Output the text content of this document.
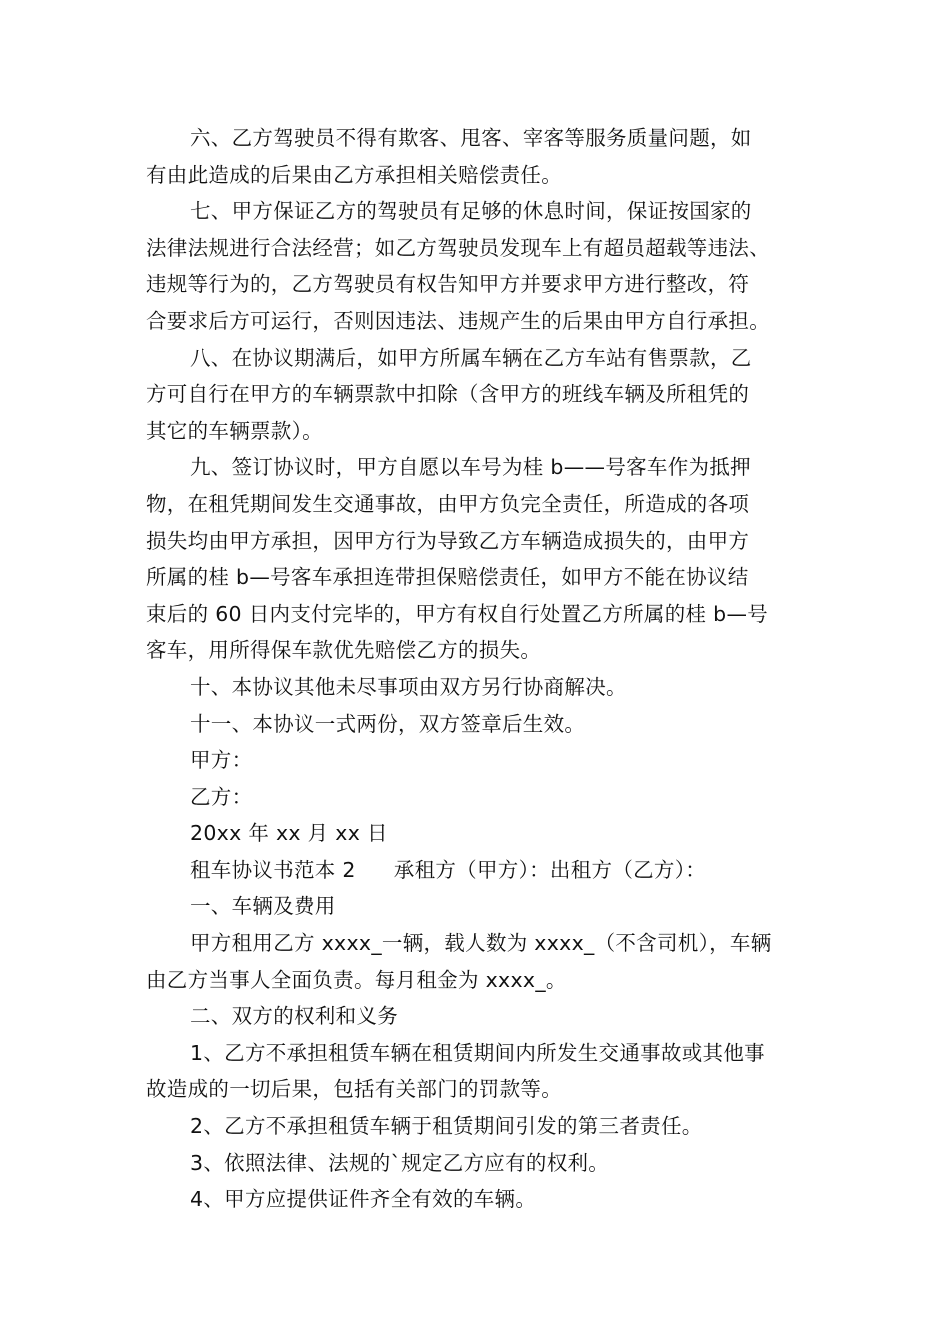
六、乙方驾驶员不得有欺客、甩客、宰客等服务质量问题，如
有由此造成的后果由乙方承担相关赔偿责任。
七、甲方保证乙方的驾驶员有足够的休息时间，保证按国家的
法律法规进行合法经营；如乙方驾驶员发现车上有超员超载等违法、
违规等行为的，乙方驾驶员有权告知甲方并要求甲方进行整改，符
合要求后方可运行，否则因违法、违规产生的后果由甲方自行承担。
八、在协议期满后，如甲方所属车辆在乙方车站有售票款，乙
方可自行在甲方的车辆票款中扣除（含甲方的班线车辆及所租凭的
其它的车辆票款）。
九、签订协议时，甲方自愿以车号为桂 b——号客车作为抵押
物，在租凭期间发生交通事故，由甲方负完全责任，所造成的各项
损失均由甲方承担，因甲方行为导致乙方车辆造成损失的，由甲方
所属的桂 b—号客车承担连带担保赔偿责任，如甲方不能在协议结
束后的 60 日内支付完毕的，甲方有权自行处置乙方所属的桂 b—号
客车，用所得保车款优先赔偿乙方的损失。
十、本协议其他未尽事项由双方另行协商解决。
十一、本协议一式两份，双方签章后生效。
甲方：
乙方：
20xx 年 xx 月 xx 日
租车协议书范本 2 承租方（甲方）：出租方（乙方）：
一、车辆及费用
甲方租用乙方 xxxx_一辆，载人数为 xxxx_（不含司机），车辆
由乙方当事人全面负责。每月租金为 xxxx_。
二、双方的权利和义务
1、乙方不承担租赁车辆在租赁期间内所发生交通事故或其他事
故造成的一切后果，包括有关部门的罚款等。
2、乙方不承担租赁车辆于租赁期间引发的第三者责任。
3、依照法律、法规的`规定乙方应有的权利。
4、甲方应提供证件齐全有效的车辆。
